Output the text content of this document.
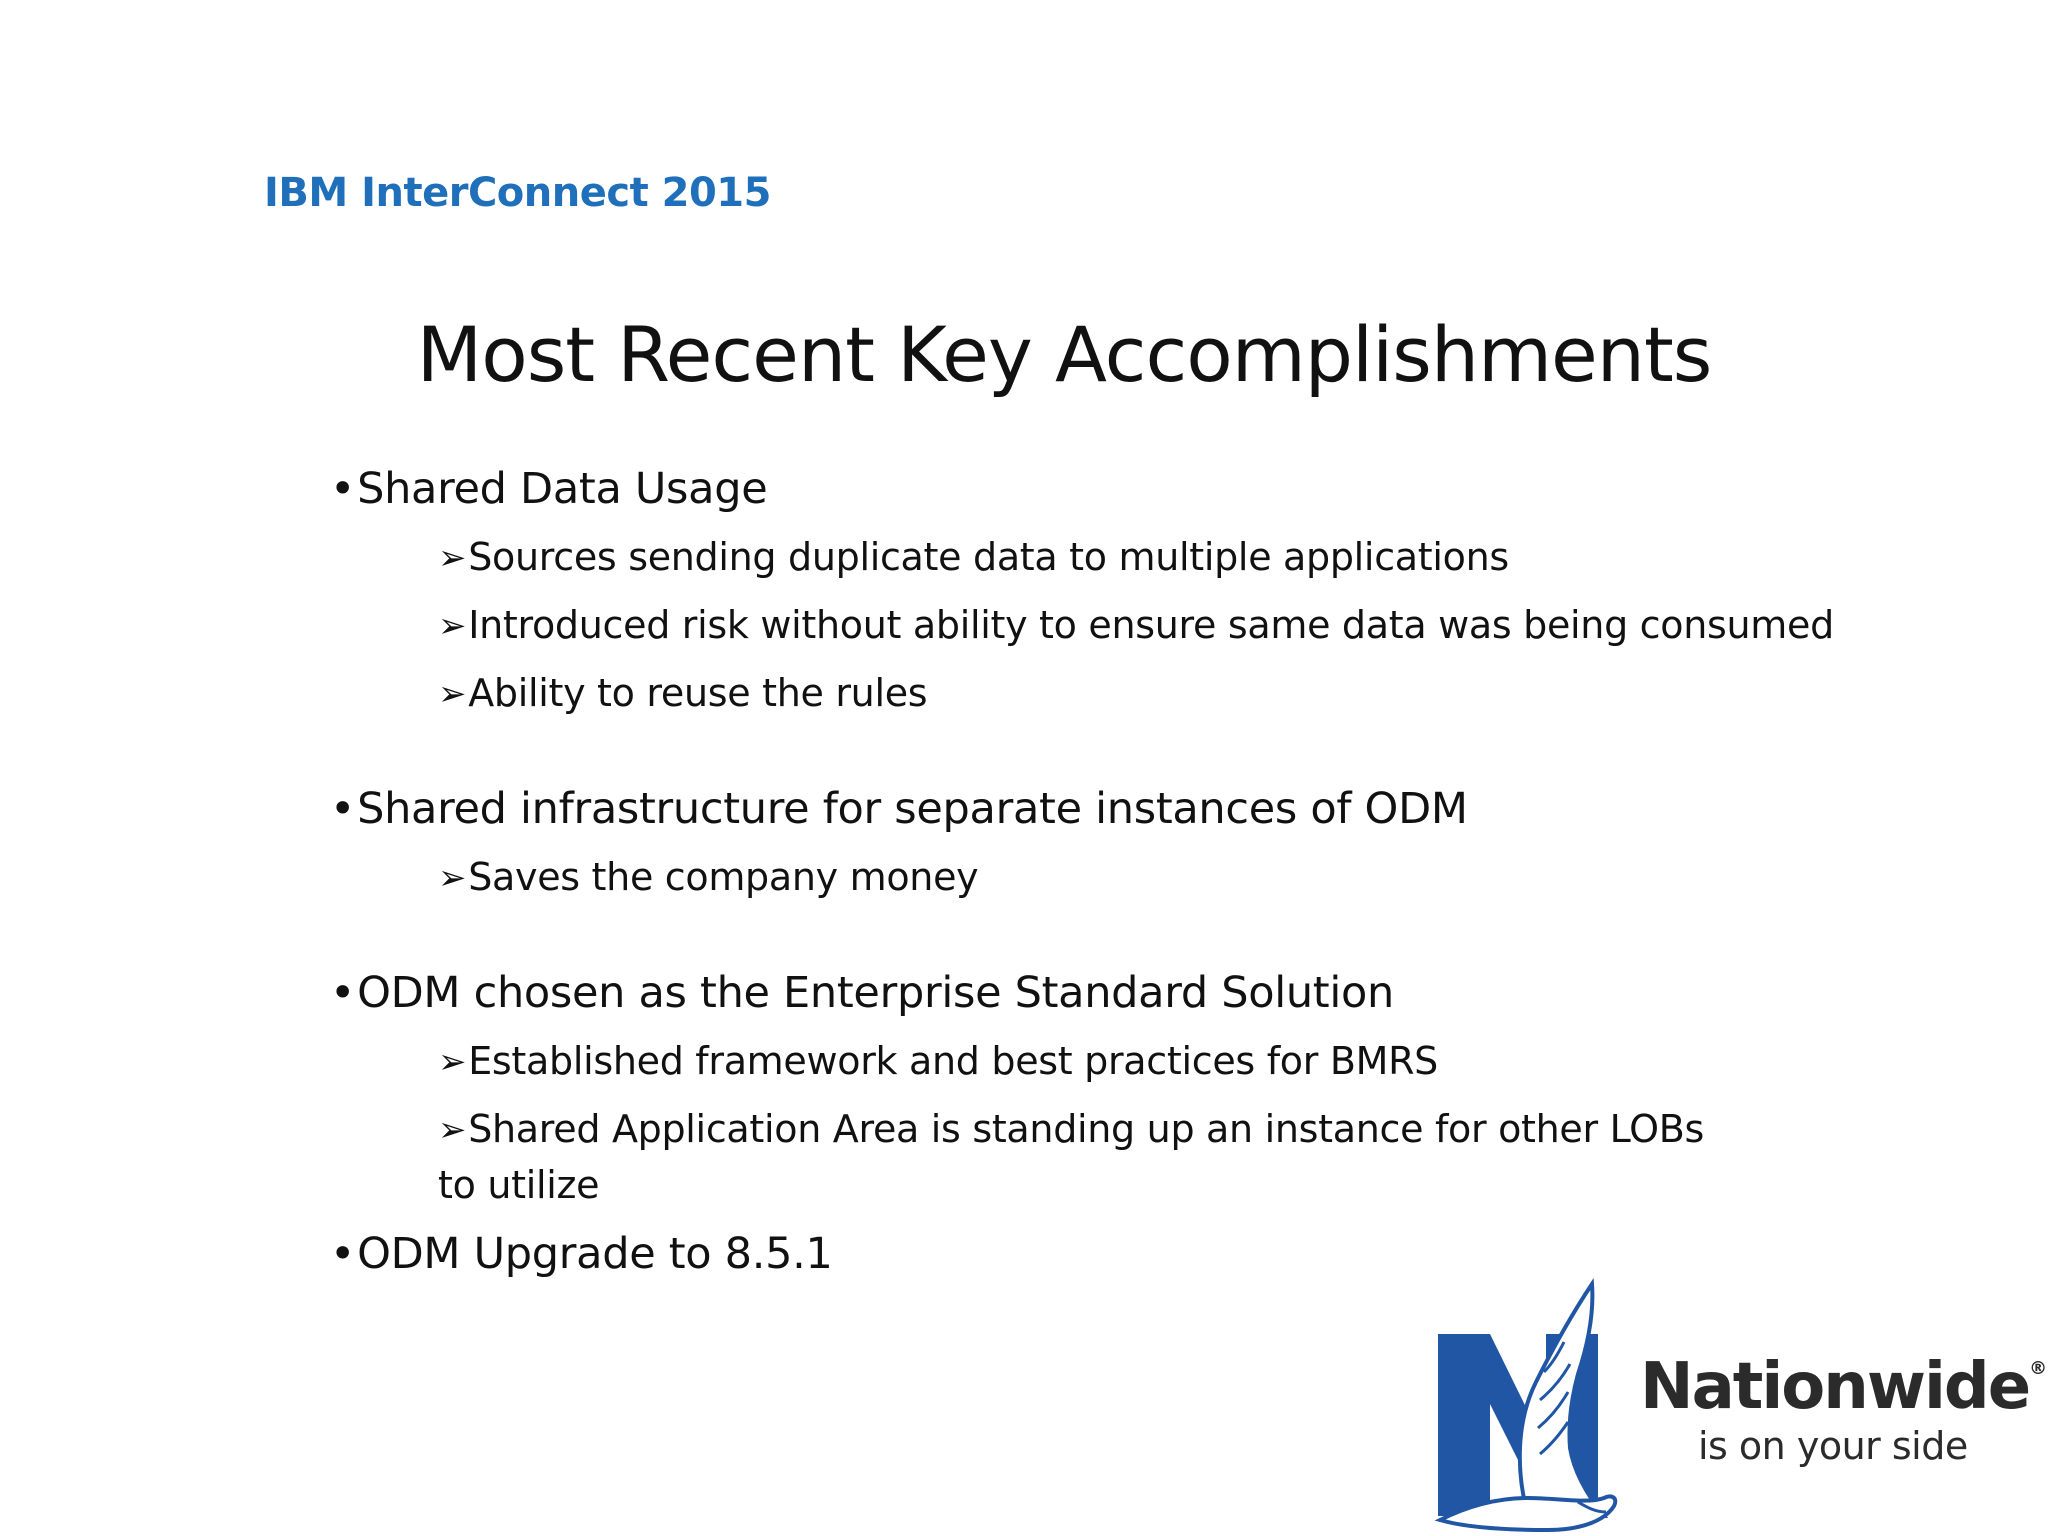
IBM InterConnect 2015
Most Recent Key Accomplishments
•Shared Data Usage
➢Sources sending duplicate data to multiple applications
➢Introduced risk without ability to ensure same data was being consumed
➢Ability to reuse the rules
•Shared infrastructure for separate instances of ODM
➢Saves the company money
•ODM chosen as the Enterprise Standard Solution
➢Established framework and best practices for BMRS
➢Shared Application Area is standing up an instance for other LOBs to utilize
•ODM Upgrade to 8.5.1
Nationwide®
is on your side
